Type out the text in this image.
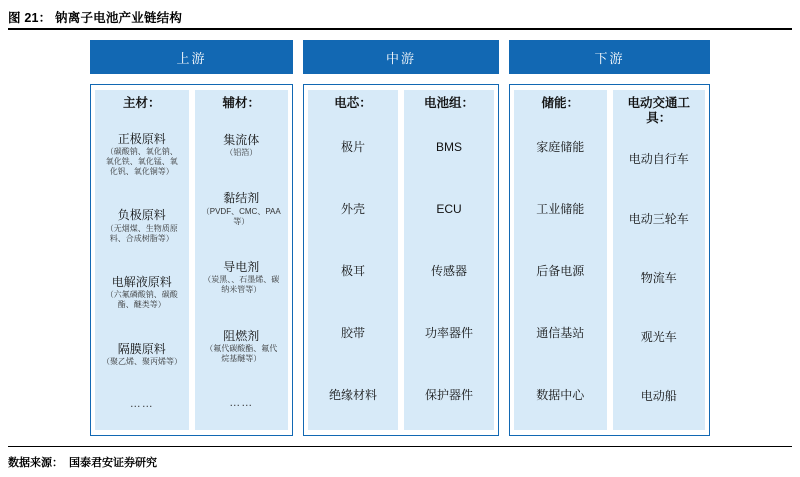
图 21： 钠离子电池产业链结构
上游	中游	下游
主材：
正极原料
（碳酸钠、氧化钠、氧化铁、氧化锰、氧化钒、氧化铜等）
负极原料
（无烟煤、生物质原料、合成树脂等）
电解液原料
（六氟磷酸钠、碳酸酯、醚类等）
隔膜原料
（聚乙烯、聚丙烯等）
……
辅材：
集流体
（铝箔）
黏结剂
（PVDF、CMC、PAA等）
导电剂
（炭黑、、石墨烯、碳纳米管等）
阻燃剂
（氟代碳酸酯、氟代烷基醚等）
……
电芯：
极片
外壳
极耳
胶带
绝缘材料
电池组：
BMS
ECU
传感器
功率器件
保护器件
储能：
家庭储能
工业储能
后备电源
通信基站
数据中心
电动交通工具：
电动自行车
电动三轮车
物流车
观光车
电动船
数据来源： 国泰君安证券研究
